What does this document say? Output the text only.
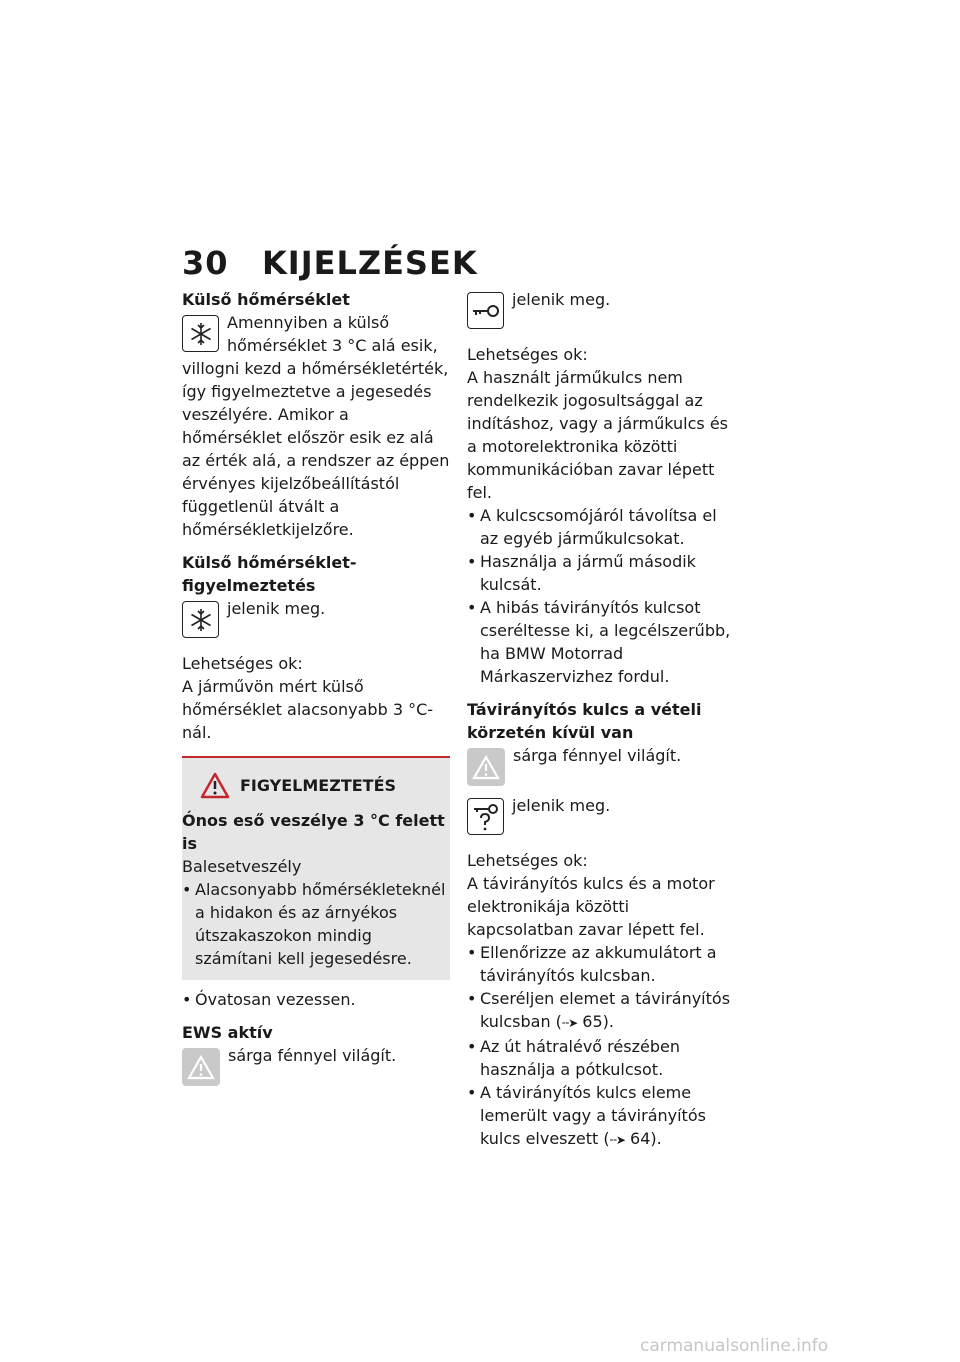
30 KIJELZÉSEK

Külső hőmérséklet

Amennyiben a külső hőmérséklet 3 °C alá esik, villogni kezd a hőmérsékletérték, így figyelmeztetve a jegesedés veszélyére. Amikor a hőmérséklet először esik ez alá az érték alá, a rendszer az éppen érvényes kijelzőbeállítástól függetlenül átvált a hőmérsékletkijelzőre.

Külső hőmérséklet-figyelmeztetés

jelenik meg.

Lehetséges ok:

A járművön mért külső hőmérséklet alacsonyabb 3 °C-nál.

FIGYELMEZTETÉS

Ónos eső veszélye 3 °C felett is

Balesetveszély

• Alacsonyabb hőmérsékleteknél a hidakon és az árnyékos útszakaszokon mindig számítani kell jegesedésre.
• Óvatosan vezessen.

EWS aktív

sárga fénnyel világít.

jelenik meg.

Lehetséges ok:

A használt járműkulcs nem rendelkezik jogosultsággal az indításhoz, vagy a járműkulcs és a motorelektronika közötti kommunikációban zavar lépett fel.

• A kulcscsomójáról távolítsa el az egyéb járműkulcsokat.
• Használja a jármű második kulcsát.
• A hibás távirányítós kulcsot cseréltesse ki, a legcélszerűbb, ha BMW Motorrad Márkaszervizhez fordul.

Távirányítós kulcs a vételi körzetén kívül van

sárga fénnyel világít.

jelenik meg.

Lehetséges ok:

A távirányítós kulcs és a motor elektronikája közötti kapcsolatban zavar lépett fel.

• Ellenőrizze az akkumulátort a távirányítós kulcsban.
• Cseréljen elemet a távirányítós kulcsban (╌➤ 65).
• Az út hátralévő részében használja a pótkulcsot.
• A távirányítós kulcs eleme lemerült vagy a távirányítós kulcs elveszett (╌➤ 64).
carmanualsonline.info
